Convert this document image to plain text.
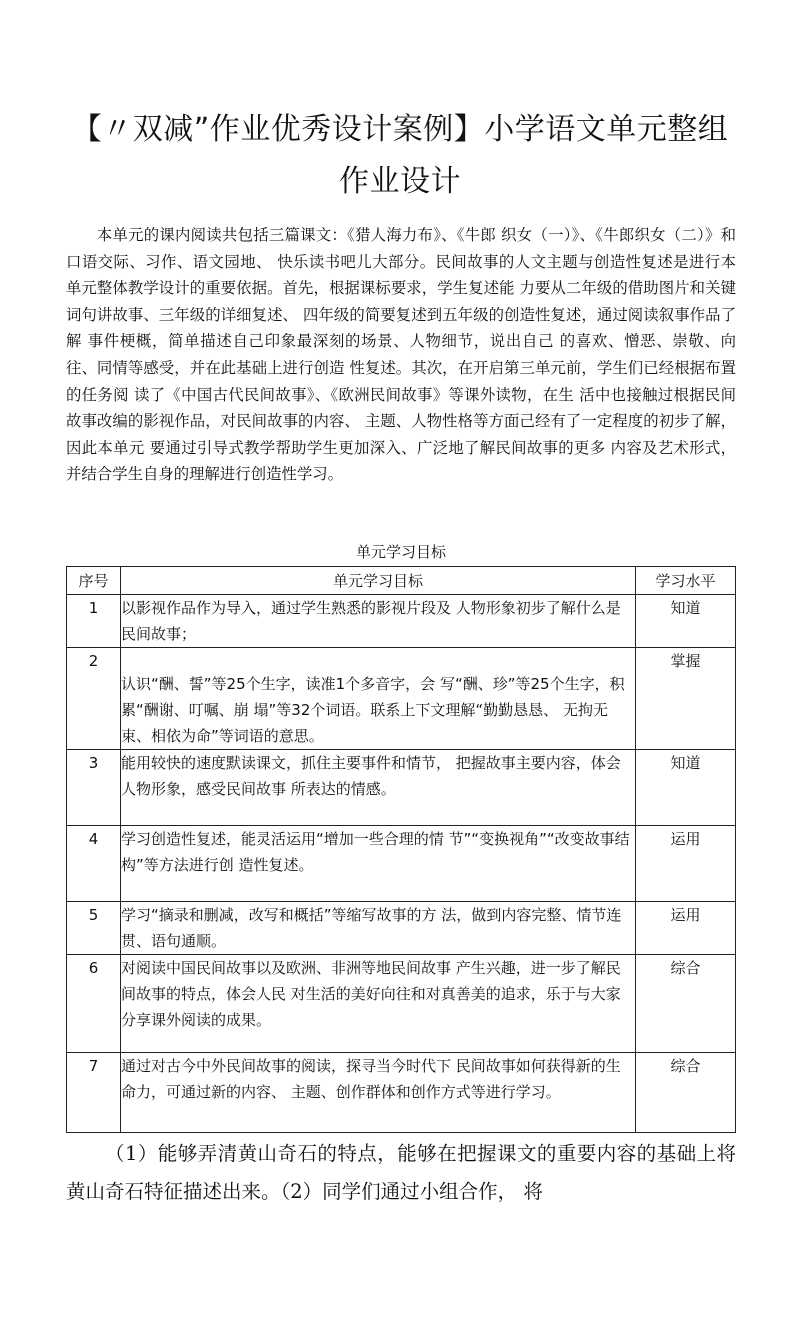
【〃双减”作业优秀设计案例】小学语文单元整组作业设计

本单元的课内阅读共包括三篇课文：《猎人海力布》、《牛郎 织女（一）》、《牛郎织女（二）》和口语交际、习作、语文园地、 快乐读书吧儿大部分。民间故事的人文主题与创造性复述是进行本 单元整体教学设计的重要依据。首先，根据课标要求，学生复述能 力要从二年级的借助图片和关键词句讲故事、三年级的详细复述、 四年级的简要复述到五年级的创造性复述，通过阅读叙事作品了解 事件梗概，简单描述自己印象最深刻的场景、人物细节，说出自己 的喜欢、憎恶、崇敬、向往、同情等感受，并在此基础上进行创造 性复述。其次，在开启第三单元前，学生们已经根据布置的任务阅 读了《中国古代民间故事》、《欧洲民间故事》等课外读物，在生 活中也接触过根据民间故事改编的影视作品，对民间故事的内容、 主题、人物性格等方面己经有了一定程度的初步了解，因此本单元 要通过引导式教学帮助学生更加深入、广泛地了解民间故事的更多 内容及艺术形式，并结合学生自身的理解进行创造性学习。

单元学习目标

序号	单元学习目标	学习水平
1	以影视作品作为导入，通过学生熟悉的影视片段及 人物形象初步了解什么是民间故事；	知道
2	认识“酬、誓”等25个生字，读准1个多音字，会 写“酬、珍”等25个生字，积累“酬谢、叮嘱、崩 塌”等32个词语。联系上下文理解“勤勤恳恳、 无拘无束、相依为命”等词语的意思。	掌握
3	能用较快的速度默读课文，抓住主要事件和情节， 把握故事主要内容，体会人物形象，感受民间故事 所表达的情感。	知道
4	学习创造性复述，能灵活运用“增加一些合理的情 节”“变换视角”“改变故事结构”等方法进行创 造性复述。	运用
5	学习“摘录和删减，改写和概括”等缩写故事的方 法，做到内容完整、情节连贯、语句通顺。	运用
6	对阅读中国民间故事以及欧洲、非洲等地民间故事 产生兴趣，进一步了解民间故事的特点，体会人民 对生活的美好向往和对真善美的追求，乐于与大家 分享课外阅读的成果。	综合
7	通过对古今中外民间故事的阅读，探寻当今时代下 民间故事如何获得新的生命力，可通过新的内容、 主题、创作群体和创作方式等进行学习。	综合

（1）能够弄清黄山奇石的特点，能够在把握课文的重要内容的基础上将黄山奇石特征描述出来。（2）同学们通过小组合作， 将
